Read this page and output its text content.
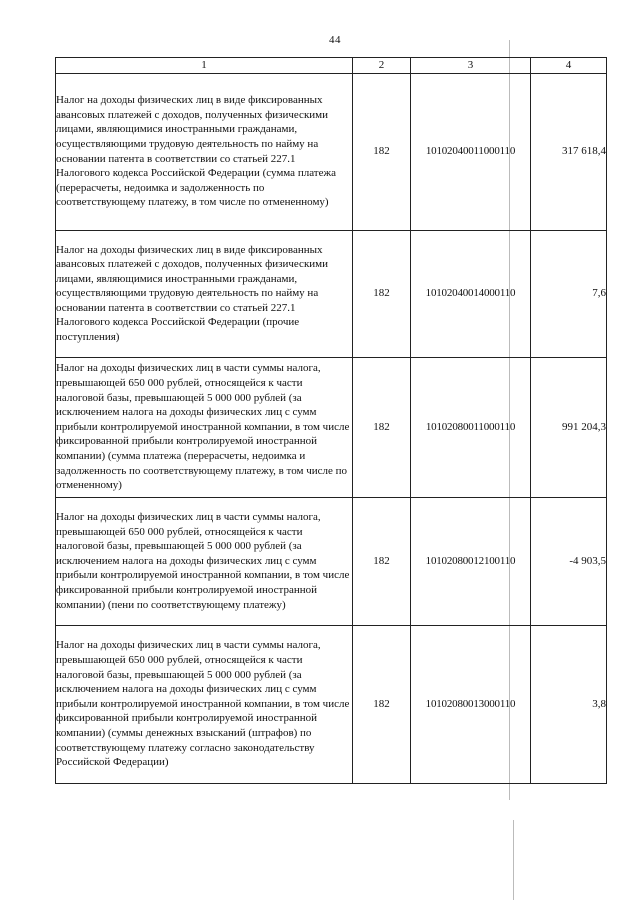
44
1	2	3	4
Налог на доходы физических лиц в виде фиксированных авансовых платежей с доходов, полученных физическими лицами, являющимися иностранными гражданами, осуществляющими трудовую деятельность по найму на основании патента в соответствии со статьей 227.1 Налогового кодекса Российской Федерации (сумма платежа (перерасчеты, недоимка и задолженность по соответствующему платежу, в том числе по отмененному)	182	10102040011000110	317 618,4
Налог на доходы физических лиц в виде фиксированных авансовых платежей с доходов, полученных физическими лицами, являющимися иностранными гражданами, осуществляющими трудовую деятельность по найму на основании патента в соответствии со статьей 227.1 Налогового кодекса Российской Федерации (прочие поступления)	182	10102040014000110	7,6
Налог на доходы физических лиц в части суммы налога, превышающей 650 000 рублей, относящейся к части налоговой базы, превышающей 5 000 000 рублей (за исключением налога на доходы физических лиц с сумм прибыли контролируемой иностранной компании, в том числе фиксированной прибыли контролируемой иностранной компании) (сумма платежа (перерасчеты, недоимка и задолженность по соответствующему платежу, в том числе по отмененному)	182	10102080011000110	991 204,3
Налог на доходы физических лиц в части суммы налога, превышающей 650 000 рублей, относящейся к части налоговой базы, превышающей 5 000 000 рублей (за исключением налога на доходы физических лиц с сумм прибыли контролируемой иностранной компании, в том числе фиксированной прибыли контролируемой иностранной компании) (пени по соответствующему платежу)	182	10102080012100110	-4 903,5
Налог на доходы физических лиц в части суммы налога, превышающей 650 000 рублей, относящейся к части налоговой базы, превышающей 5 000 000 рублей (за исключением налога на доходы физических лиц с сумм прибыли контролируемой иностранной компании, в том числе фиксированной прибыли контролируемой иностранной компании) (суммы денежных взысканий (штрафов) по соответствующему платежу согласно законодательству Российской Федерации)	182	10102080013000110	3,8
